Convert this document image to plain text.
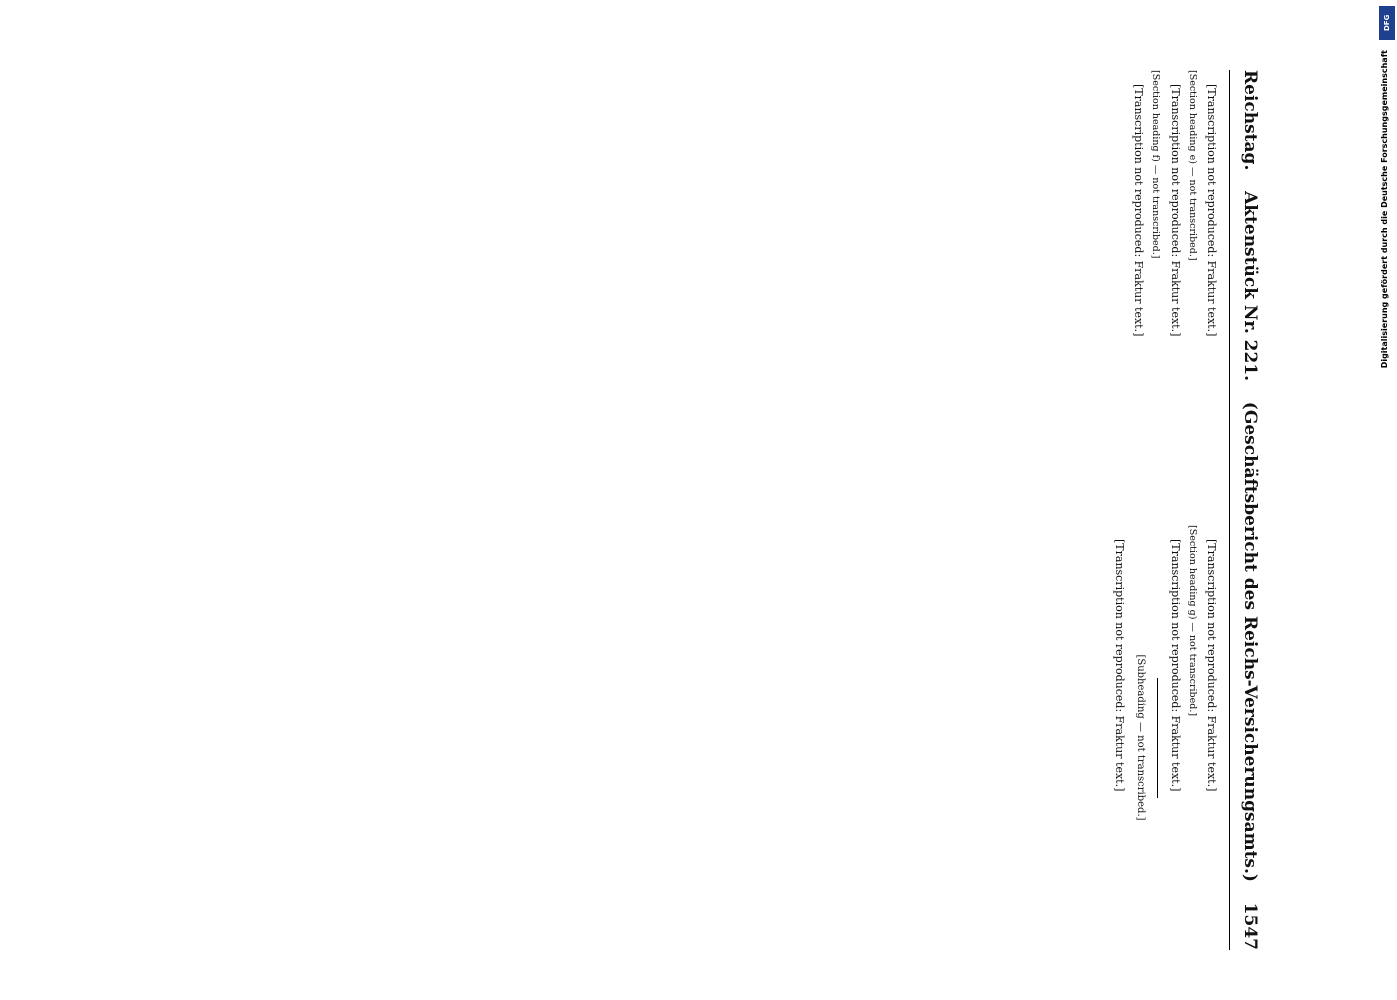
Reichstag.
Aktenstück Nr. 221.
(Geschäftsbericht des Reichs-Versicherungsamts.)
1547

[Transcription not reproduced: Fraktur text.]

[Section heading e) — not transcribed.]

[Transcription not reproduced: Fraktur text.]

[Section heading f) — not transcribed.]

[Transcription not reproduced: Fraktur text.]

[Transcription not reproduced: Fraktur text.]

[Section heading g) — not transcribed.]

[Transcription not reproduced: Fraktur text.]

[Subheading — not transcribed.]

[Transcription not reproduced: Fraktur text.]

DFG
Digitalisierung gefördert durch die Deutsche Forschungsgemeinschaft
